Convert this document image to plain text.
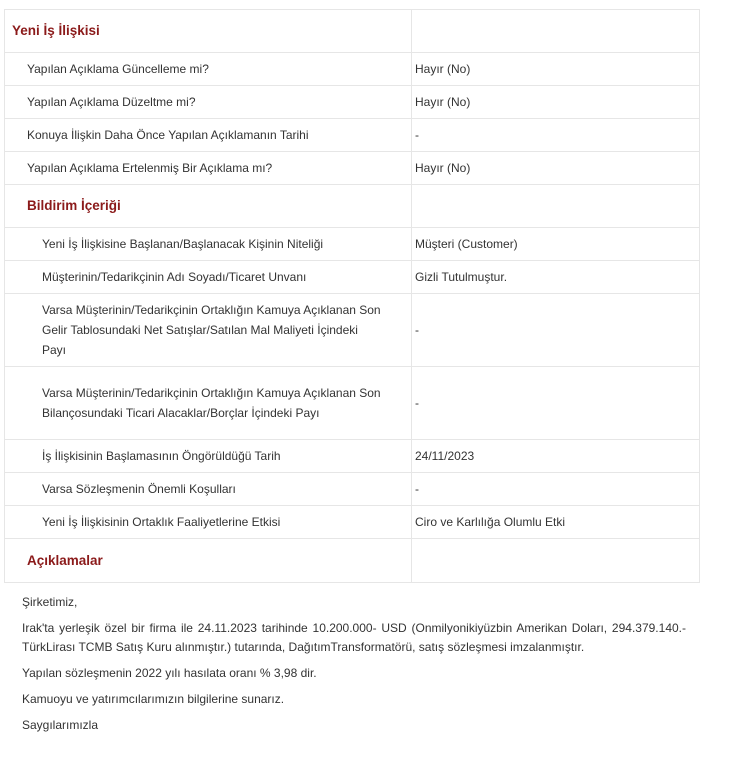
Yeni İş İlişkisi	
Yapılan Açıklama Güncelleme mi?	Hayır (No)
Yapılan Açıklama Düzeltme mi?	Hayır (No)
Konuya İlişkin Daha Önce Yapılan Açıklamanın Tarihi	-
Yapılan Açıklama Ertelenmiş Bir Açıklama mı?	Hayır (No)
Bildirim İçeriği	
Yeni İş İlişkisine Başlanan/Başlanacak Kişinin Niteliği	Müşteri (Customer)
Müşterinin/Tedarikçinin Adı Soyadı/Ticaret Unvanı	Gizli Tutulmuştur.
Varsa Müşterinin/Tedarikçinin Ortaklığın Kamuya Açıklanan Son Gelir Tablosundaki Net Satışlar/Satılan Mal Maliyeti İçindeki Payı	-
Varsa Müşterinin/Tedarikçinin Ortaklığın Kamuya Açıklanan Son Bilançosundaki Ticari Alacaklar/Borçlar İçindeki Payı	-
İş İlişkisinin Başlamasının Öngörüldüğü Tarih	24/11/2023
Varsa Sözleşmenin Önemli Koşulları	-
Yeni İş İlişkisinin Ortaklık Faaliyetlerine Etkisi	Ciro ve Karlılığa Olumlu Etki
Açıklamalar	

Şirketimiz,

Irak'ta yerleşik özel bir firma ile 24.11.2023 tarihinde 10.200.000- USD (Onmilyonikiyüzbin Amerikan Doları, 294.379.140.- TürkLirası TCMB Satış Kuru alınmıştır.) tutarında, DağıtımTransformatörü, satış sözleşmesi imzalanmıştır.

Yapılan sözleşmenin 2022 yılı hasılata oranı % 3,98 dir.

Kamuoyu ve yatırımcılarımızın bilgilerine sunarız.

Saygılarımızla
